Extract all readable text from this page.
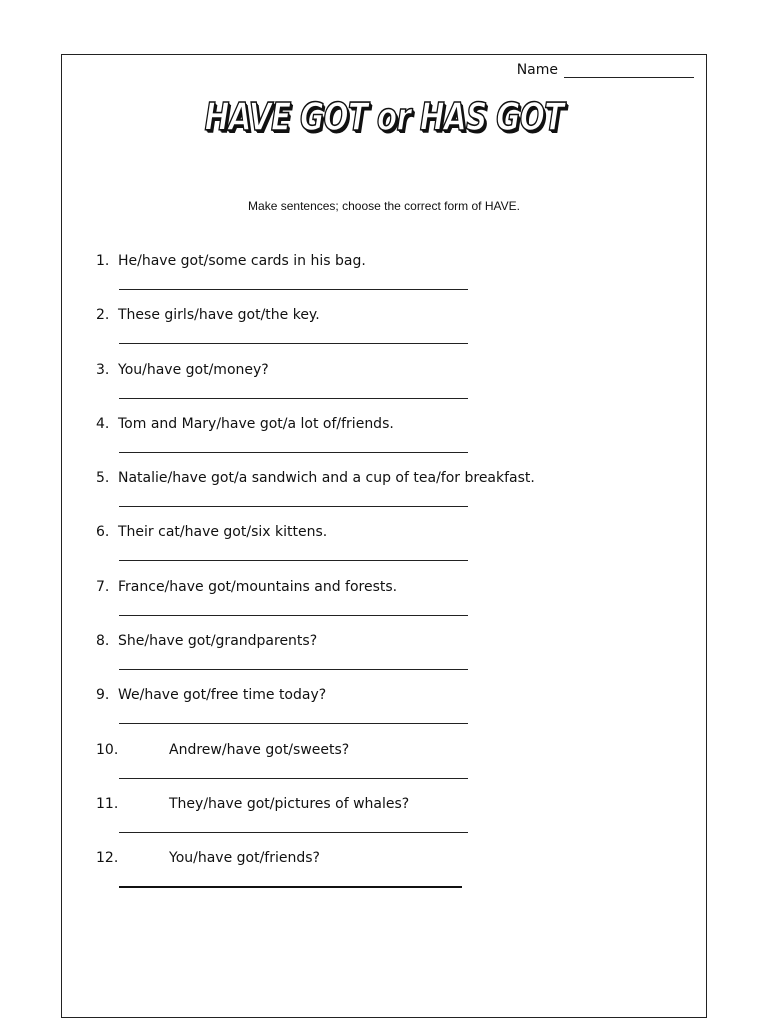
Name
HAVE GOT or HAS GOT
Make sentences; choose the correct form of HAVE.
1. He/have got/some cards in his bag.
2. These girls/have got/the key.
3. You/have got/money?
4. Tom and Mary/have got/a lot of/friends.
5. Natalie/have got/a sandwich and a cup of tea/for breakfast.
6. Their cat/have got/six kittens.
7. France/have got/mountains and forests.
8. She/have got/grandparents?
9. We/have got/free time today?
10.	Andrew/have got/sweets?
11.	They/have got/pictures of whales?
12.	You/have got/friends?
